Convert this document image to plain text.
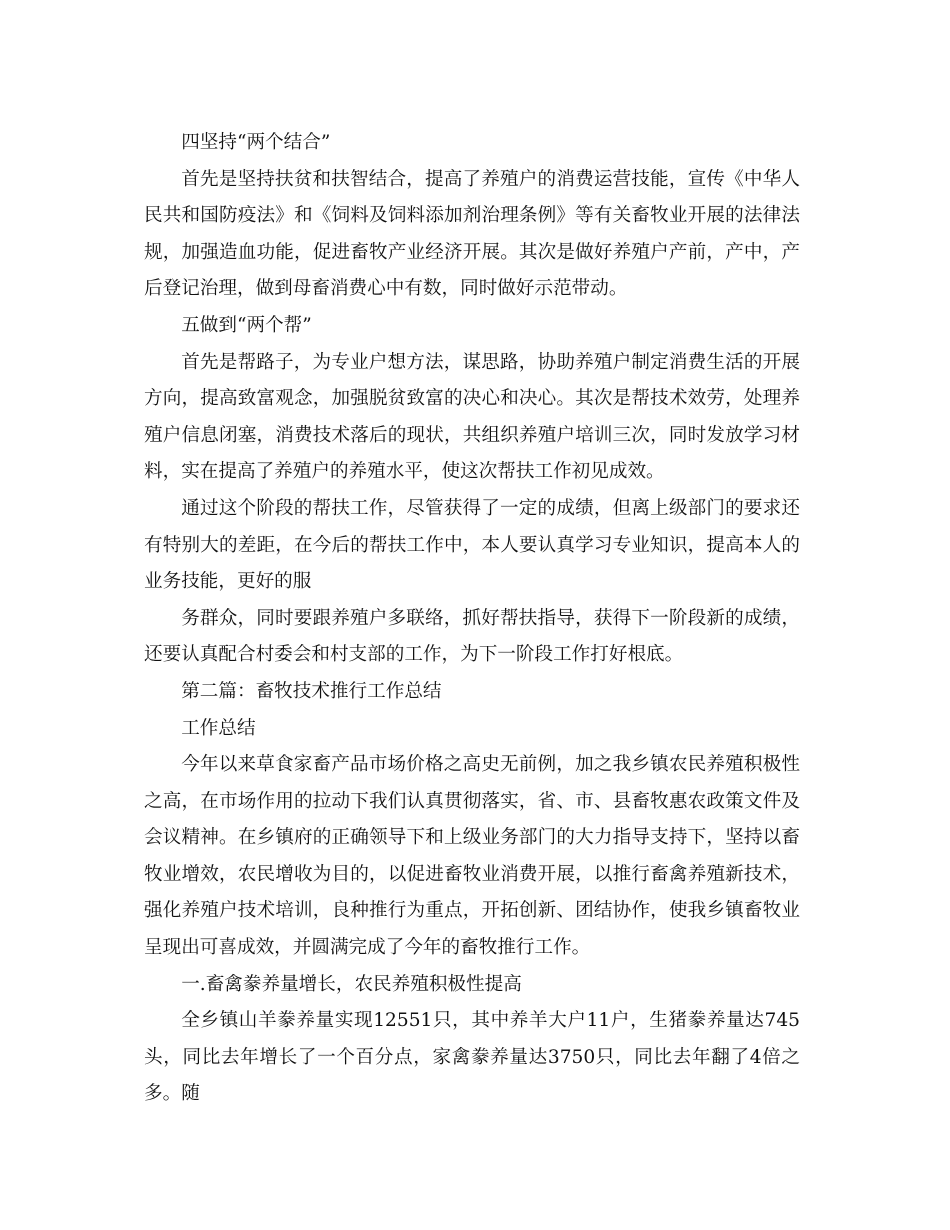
四坚持“两个结合”

首先是坚持扶贫和扶智结合，提高了养殖户的消费运营技能，宣传《中华人民共和国防疫法》和《饲料及饲料添加剂治理条例》等有关畜牧业开展的法律法规，加强造血功能，促进畜牧产业经济开展。其次是做好养殖户产前，产中，产后登记治理，做到母畜消费心中有数，同时做好示范带动。

五做到“两个帮”

首先是帮路子，为专业户想方法，谋思路，协助养殖户制定消费生活的开展方向，提高致富观念，加强脱贫致富的决心和决心。其次是帮技术效劳，处理养殖户信息闭塞，消费技术落后的现状，共组织养殖户培训三次，同时发放学习材料，实在提高了养殖户的养殖水平，使这次帮扶工作初见成效。

通过这个阶段的帮扶工作，尽管获得了一定的成绩，但离上级部门的要求还有特别大的差距，在今后的帮扶工作中，本人要认真学习专业知识，提高本人的业务技能，更好的服

务群众，同时要跟养殖户多联络，抓好帮扶指导，获得下一阶段新的成绩，还要认真配合村委会和村支部的工作，为下一阶段工作打好根底。

第二篇：畜牧技术推行工作总结

工作总结

今年以来草食家畜产品市场价格之高史无前例，加之我乡镇农民养殖积极性之高，在市场作用的拉动下我们认真贯彻落实，省、市、县畜牧惠农政策文件及会议精神。在乡镇府的正确领导下和上级业务部门的大力指导支持下，坚持以畜牧业增效，农民增收为目的，以促进畜牧业消费开展，以推行畜禽养殖新技术，强化养殖户技术培训，良种推行为重点，开拓创新、团结协作，使我乡镇畜牧业呈现出可喜成效，并圆满完成了今年的畜牧推行工作。

一.畜禽豢养量增长，农民养殖积极性提高

全乡镇山羊豢养量实现12551只，其中养羊大户11户，生猪豢养量达745头，同比去年增长了一个百分点，家禽豢养量达3750只，同比去年翻了4倍之多。随
